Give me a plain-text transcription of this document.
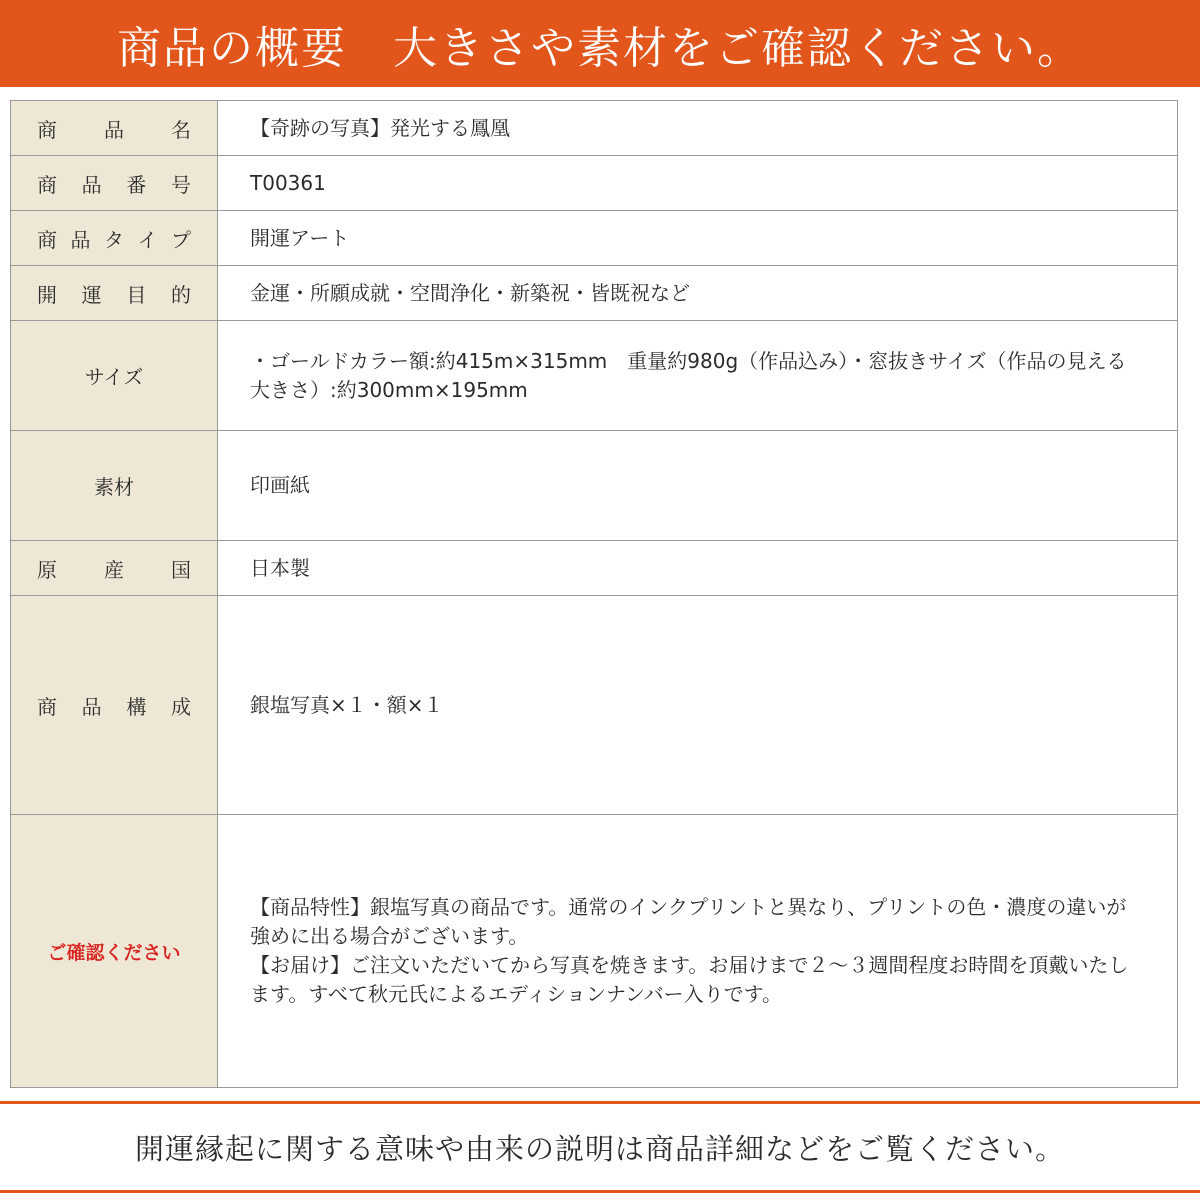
商品の概要　大きさや素材をご確認ください。
商 品 名	【奇跡の写真】発光する鳳凰

商 品 番 号	T00361

商 品 タ イ プ	開運アート

開 運 目 的	金運・所願成就・空間浄化・新築祝・皆既祝など

サイズ	・ゴールドカラー額:約415m×315mm　重量約980g（作品込み）・窓抜きサイズ（作品の見える大きさ）:約300mm×195mm

素材	印画紙

原 産 国	日本製

商 品 構 成	銀塩写真×１・額×１

ご確認ください	【商品特性】銀塩写真の商品です。通常のインクプリントと異なり、プリントの色・濃度の違いが強めに出る場合がございます。
【お届け】ご注文いただいてから写真を焼きます。お届けまで２〜３週間程度お時間を頂戴いたします。すべて秋元氏によるエディションナンバー入りです。
開運縁起に関する意味や由来の説明は商品詳細などをご覧ください。
